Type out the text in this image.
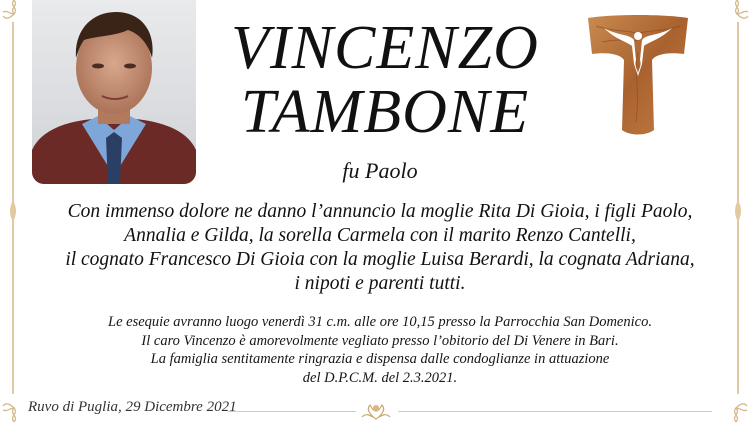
VINCENZO
TAMBONE
fu Paolo
Con immenso dolore ne danno l’annuncio la moglie Rita Di Gioia, i figli Paolo,
Annalia e Gilda, la sorella Carmela con il marito Renzo Cantelli,
il cognato Francesco Di Gioia con la moglie Luisa Berardi, la cognata Adriana,
i nipoti e parenti tutti.
Le esequie avranno luogo venerdì 31 c.m. alle ore 10,15 presso la Parrocchia San Domenico.
Il caro Vincenzo è amorevolmente vegliato presso l’obitorio del Di Venere in Bari.
La famiglia sentitamente ringrazia e dispensa dalle condoglianze in attuazione
del D.P.C.M. del 2.3.2021.
Ruvo di Puglia, 29 Dicembre 2021
